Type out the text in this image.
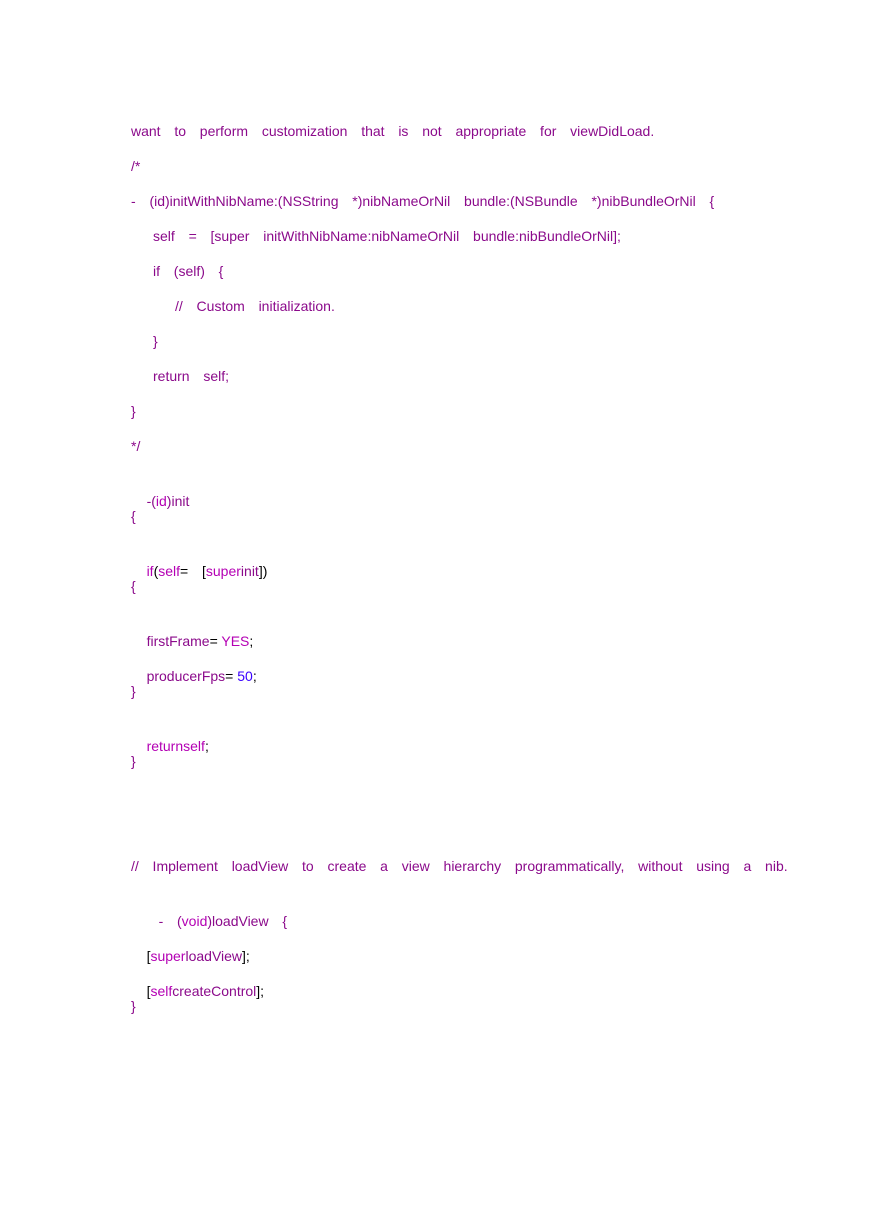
want  to  perform  customization  that  is  not  appropriate  for  viewDidLoad.
/*
-  (id)initWithNibName:(NSString  *)nibNameOrNil  bundle:(NSBundle  *)nibBundleOrNil  {
self  =  [super  initWithNibName:nibNameOrNil  bundle:nibBundleOrNil];
if  (self)  {
//  Custom  initialization.
}
return  self;
}
*/

-(id)init

{

if(self=  [superinit])

{

firstFrame= YES;

producerFps= 50;

}

returnself;

}
//  Implement  loadView  to  create  a  view  hierarchy  programmatically,  without  using  a  nib.

-  (void)loadView  {

[superloadView];

[selfcreateControl];

}
